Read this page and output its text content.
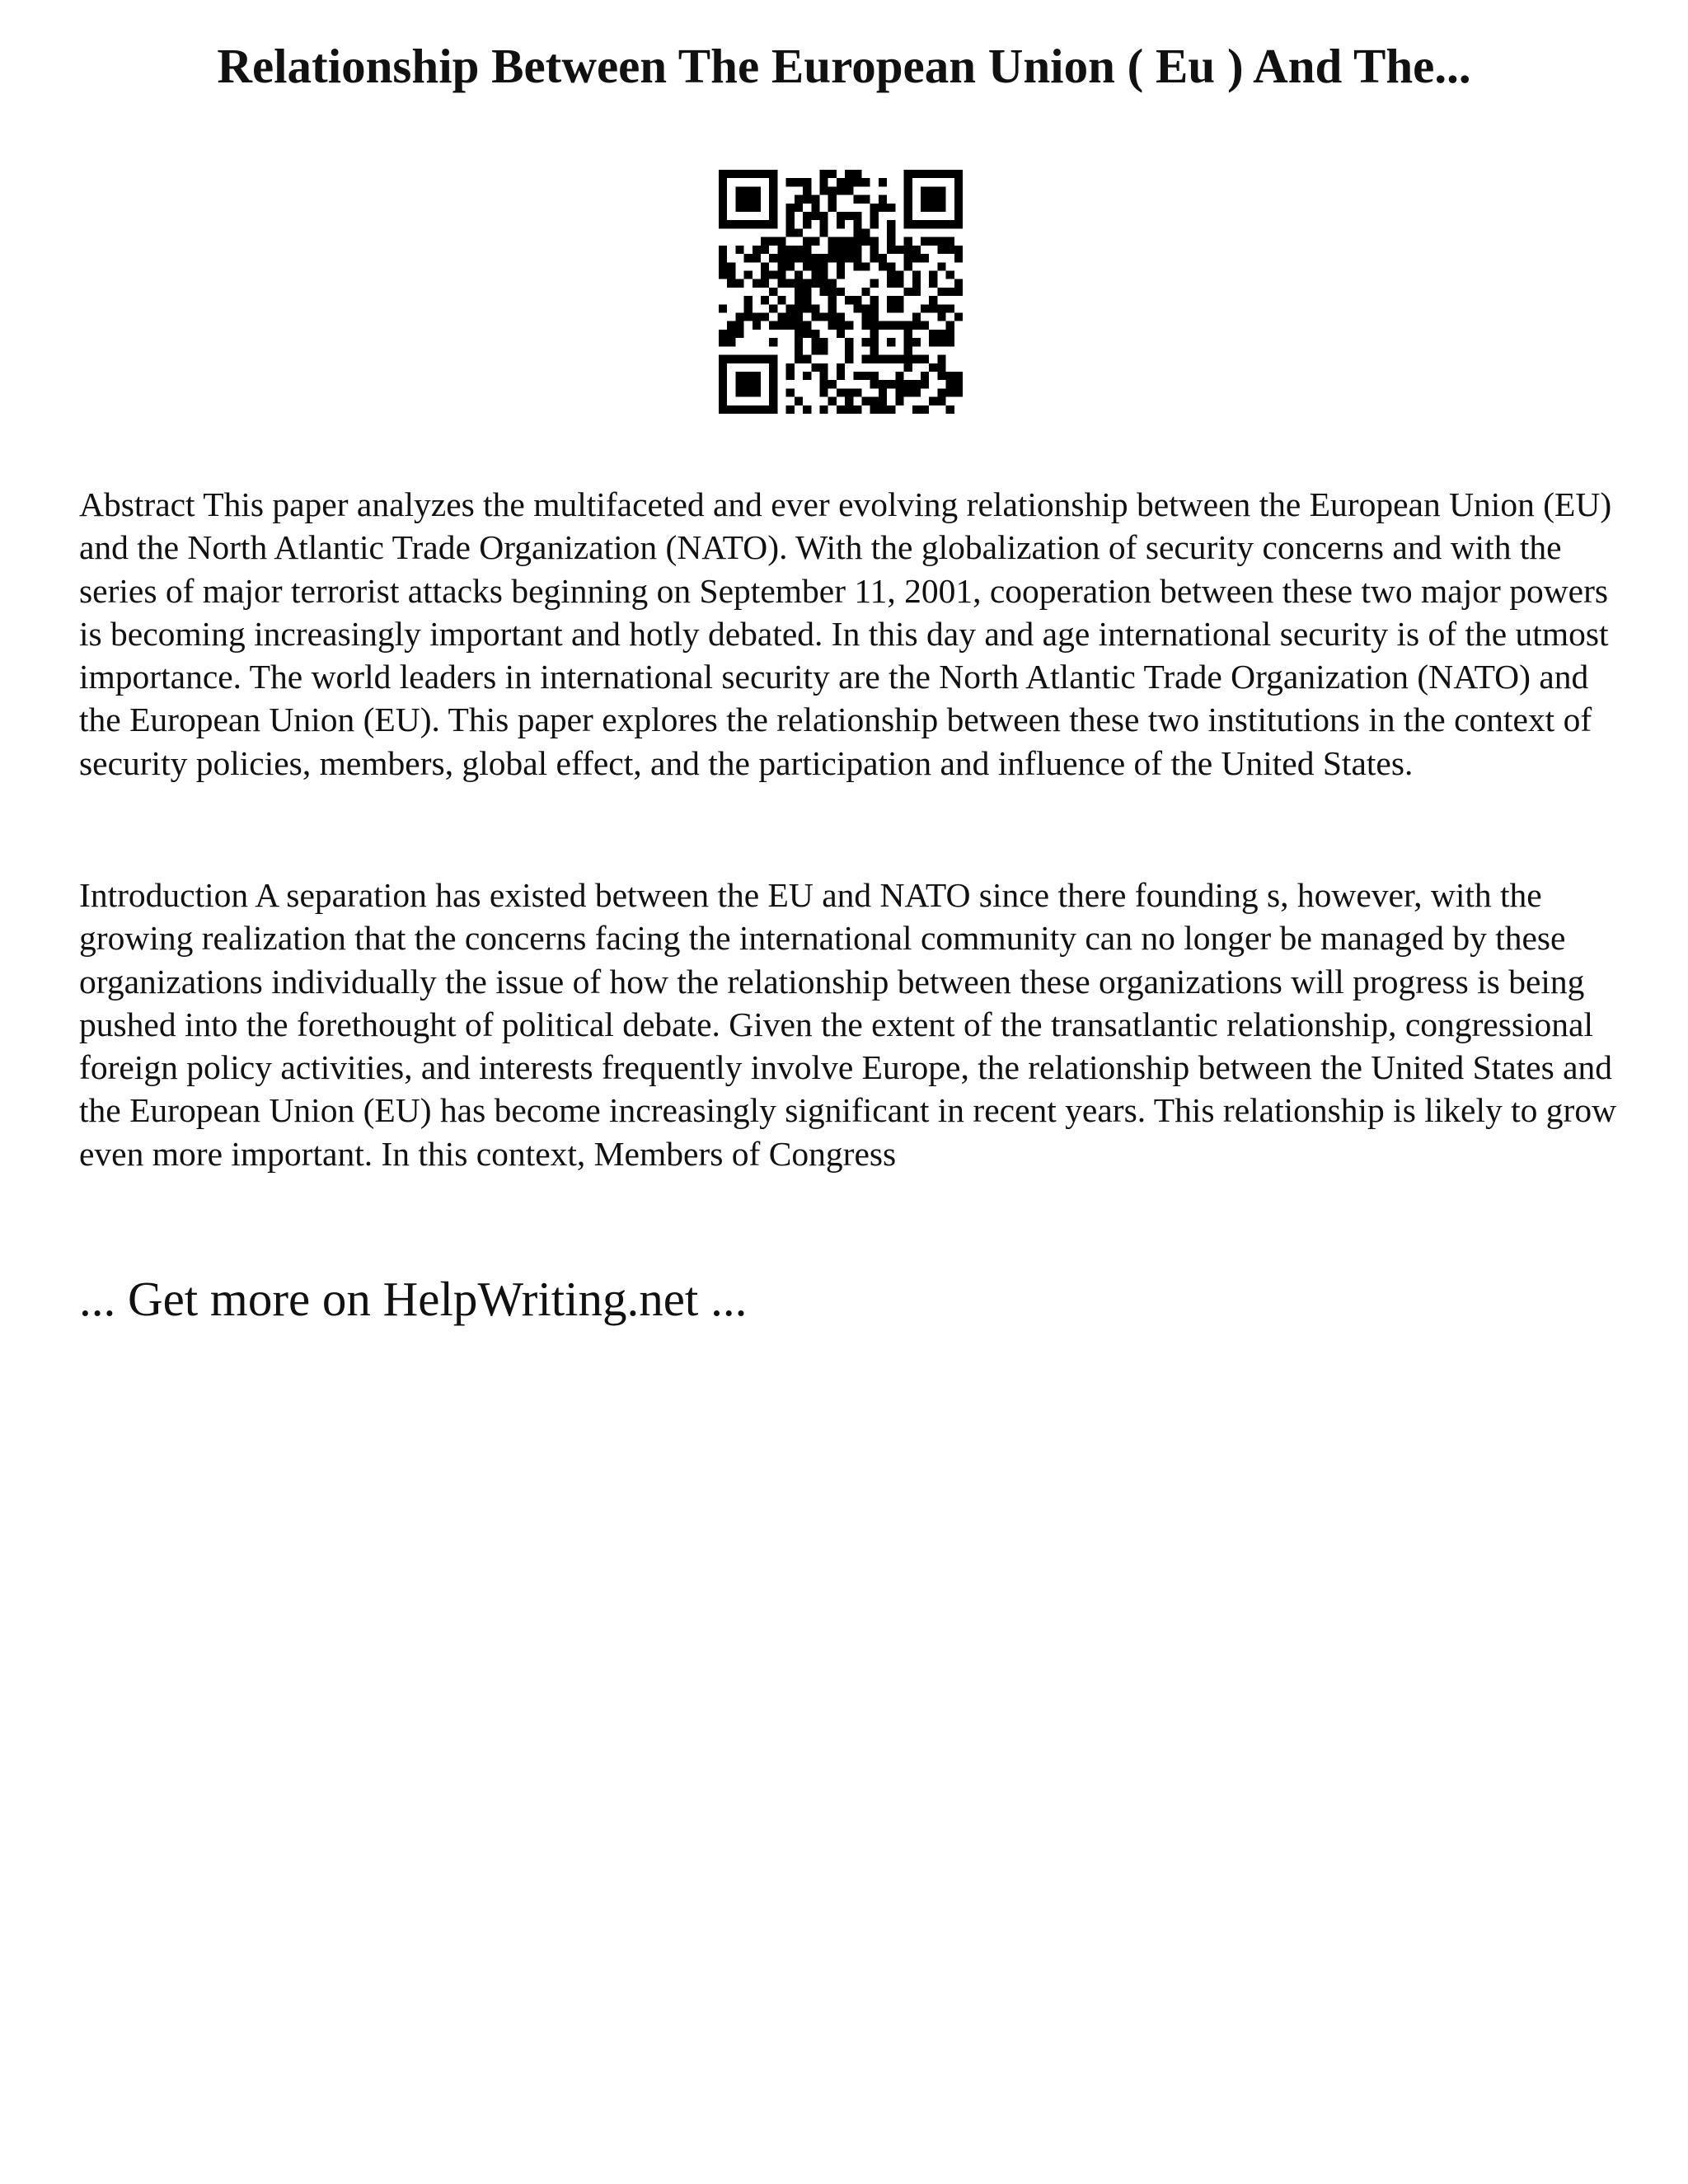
Relationship Between The European Union ( Eu ) And The...

Abstract This paper analyzes the multifaceted and ever evolving relationship between the European Union (EU) and the North Atlantic Trade Organization (NATO). With the globalization of security concerns and with the series of major terrorist attacks beginning on September 11, 2001, cooperation between these two major powers is becoming increasingly important and hotly debated. In this day and age international security is of the utmost importance. The world leaders in international security are the North Atlantic Trade Organization (NATO) and the European Union (EU). This paper explores the relationship between these two institutions in the context of security policies, members, global effect, and the participation and influence of the United States.

Introduction A separation has existed between the EU and NATO since there founding s, however, with the growing realization that the concerns facing the international community can no longer be managed by these organizations individually the issue of how the relationship between these organizations will progress is being pushed into the forethought of political debate. Given the extent of the transatlantic relationship, congressional foreign policy activities, and interests frequently involve Europe, the relationship between the United States and the European Union (EU) has become increasingly significant in recent years. This relationship is likely to grow even more important. In this context, Members of Congress

... Get more on HelpWriting.net ...
